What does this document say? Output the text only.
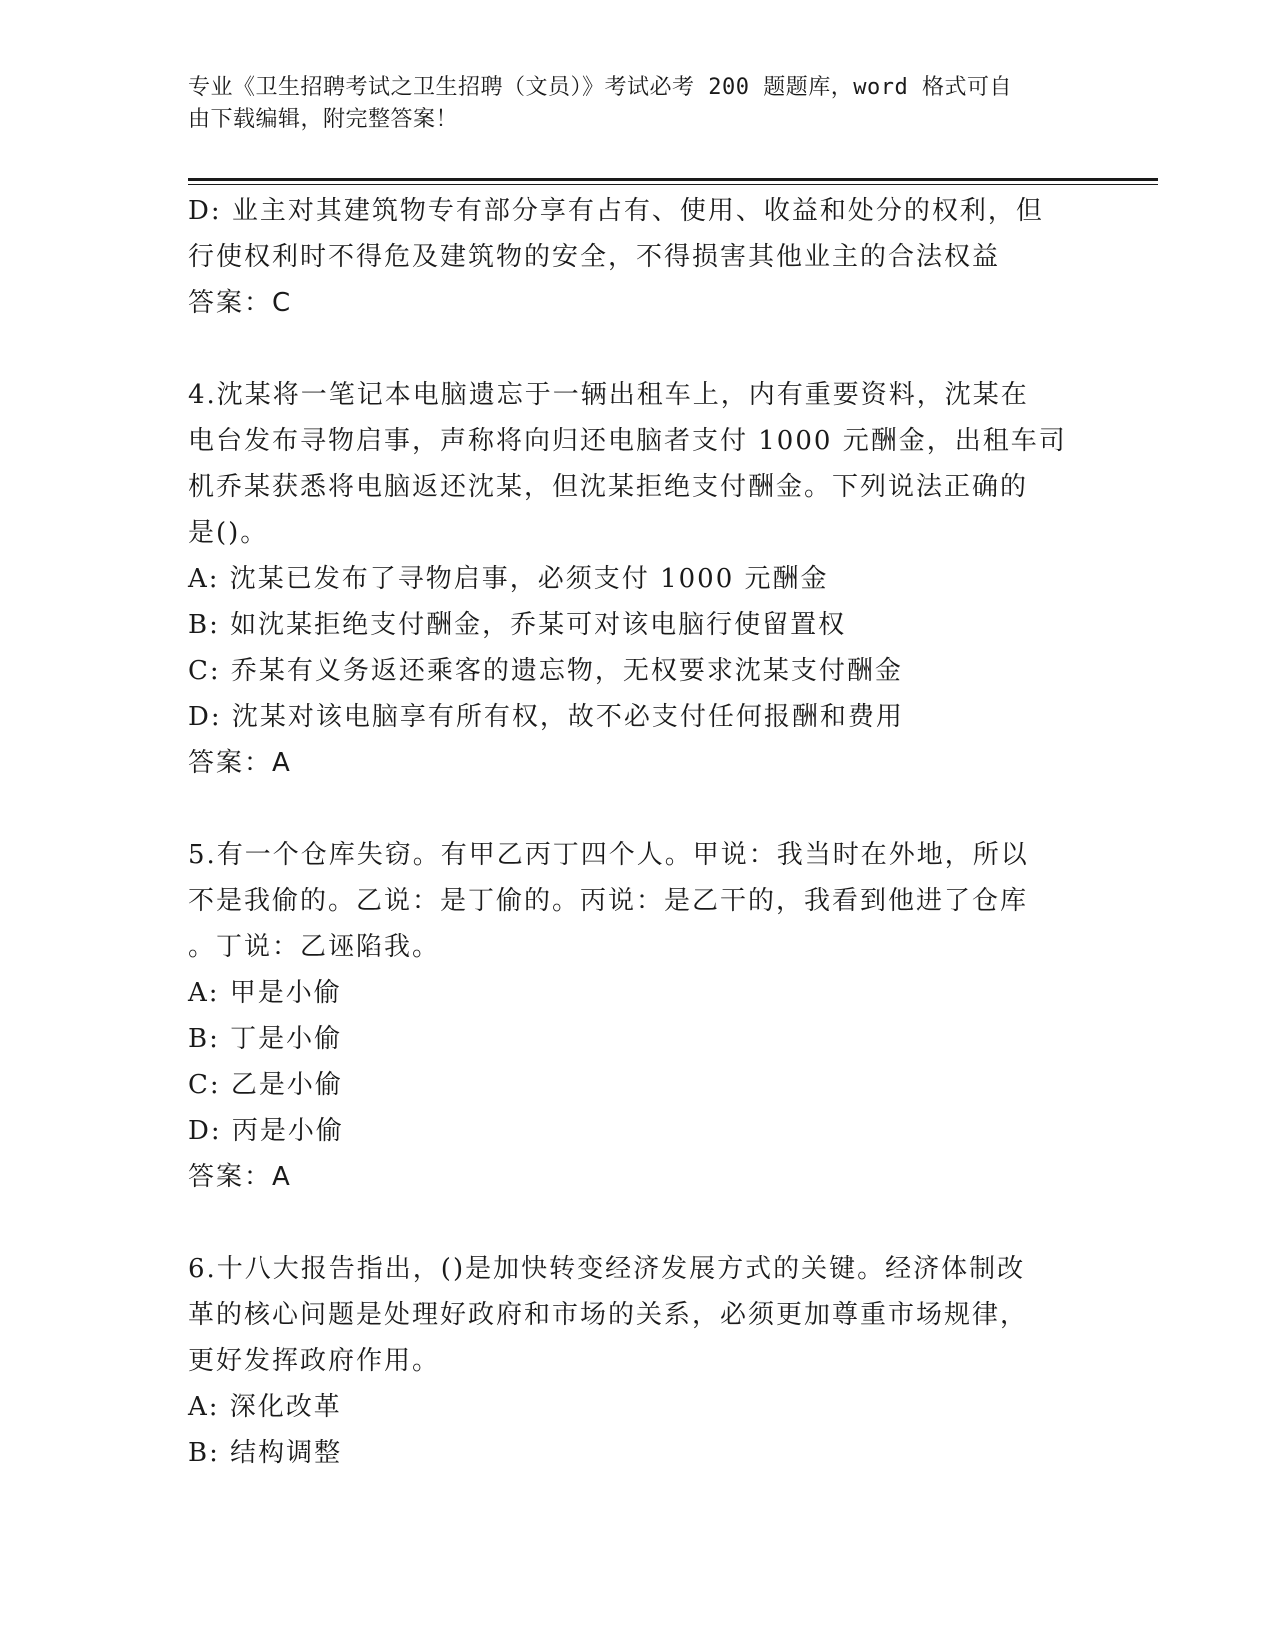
专业《卫生招聘考试之卫生招聘（文员）》考试必考 200 题题库，word 格式可自
由下载编辑，附完整答案！
D: 业主对其建筑物专有部分享有占有、使用、收益和处分的权利，但
行使权利时不得危及建筑物的安全，不得损害其他业主的合法权益
答案：C
4.沈某将一笔记本电脑遗忘于一辆出租车上，内有重要资料，沈某在
电台发布寻物启事，声称将向归还电脑者支付 1000 元酬金，出租车司
机乔某获悉将电脑返还沈某，但沈某拒绝支付酬金。下列说法正确的
是()。
A: 沈某已发布了寻物启事，必须支付 1000 元酬金
B: 如沈某拒绝支付酬金，乔某可对该电脑行使留置权
C: 乔某有义务返还乘客的遗忘物，无权要求沈某支付酬金
D: 沈某对该电脑享有所有权，故不必支付任何报酬和费用
答案：A
5.有一个仓库失窃。有甲乙丙丁四个人。甲说：我当时在外地，所以
不是我偷的。乙说：是丁偷的。丙说：是乙干的，我看到他进了仓库
。丁说：乙诬陷我。
A: 甲是小偷
B: 丁是小偷
C: 乙是小偷
D: 丙是小偷
答案：A
6.十八大报告指出，()是加快转变经济发展方式的关键。经济体制改
革的核心问题是处理好政府和市场的关系，必须更加尊重市场规律，
更好发挥政府作用。
A: 深化改革
B: 结构调整
